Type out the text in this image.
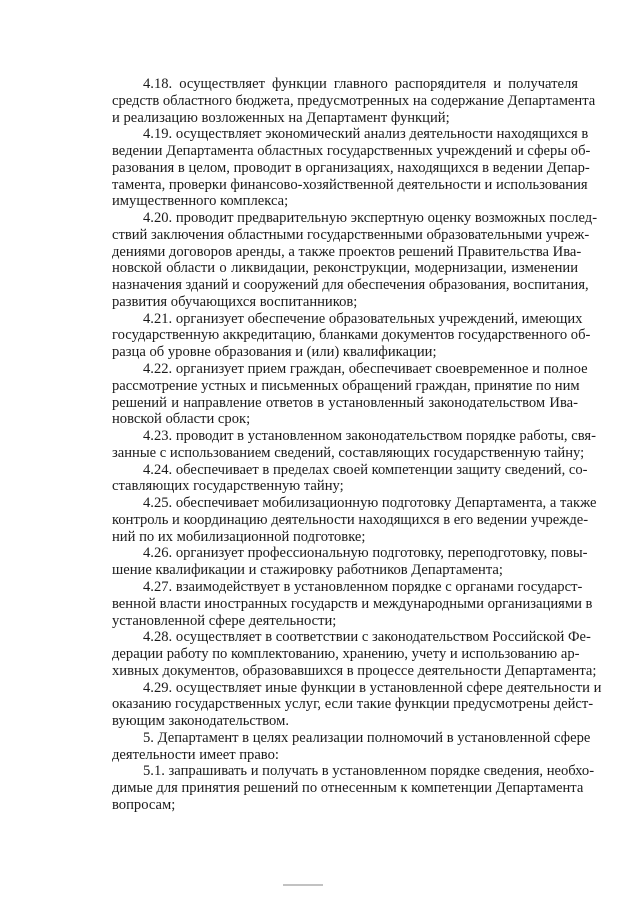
4.18. осуществляет функции главного распорядителя и получателя
средств областного бюджета, предусмотренных на содержание Департамента
и реализацию возложенных на Департамент функций;
4.19. осуществляет экономический анализ деятельности находящихся в
ведении Департамента областных государственных учреждений и сферы об-
разования в целом, проводит в организациях, находящихся в ведении Депар-
тамента, проверки финансово-хозяйственной деятельности и использования
имущественного комплекса;
4.20. проводит предварительную экспертную оценку возможных послед-
ствий заключения областными государственными образовательными учреж-
дениями договоров аренды, а также проектов решений Правительства Ива-
новской области о ликвидации, реконструкции, модернизации, изменении
назначения зданий и сооружений для обеспечения образования, воспитания,
развития обучающихся воспитанников;
4.21. организует обеспечение образовательных учреждений, имеющих
государственную аккредитацию, бланками документов государственного об-
разца об уровне образования и (или) квалификации;
4.22. организует прием граждан, обеспечивает своевременное и полное
рассмотрение устных и письменных обращений граждан, принятие по ним
решений и направление ответов в установленный законодательством Ива-
новской области срок;
4.23. проводит в установленном законодательством порядке работы, свя-
занные с использованием сведений, составляющих государственную тайну;
4.24. обеспечивает в пределах своей компетенции защиту сведений, со-
ставляющих государственную тайну;
4.25. обеспечивает мобилизационную подготовку Департамента, а также
контроль и координацию деятельности находящихся в его ведении учрежде-
ний по их мобилизационной подготовке;
4.26. организует профессиональную подготовку, переподготовку, повы-
шение квалификации и стажировку работников Департамента;
4.27. взаимодействует в установленном порядке с органами государст-
венной власти иностранных государств и международными организациями в
установленной сфере деятельности;
4.28. осуществляет в соответствии с законодательством Российской Фе-
дерации работу по комплектованию, хранению, учету и использованию ар-
хивных документов, образовавшихся в процессе деятельности Департамента;
4.29. осуществляет иные функции в установленной сфере деятельности и
оказанию государственных услуг, если такие функции предусмотрены дейст-
вующим законодательством.
5. Департамент в целях реализации полномочий в установленной сфере
деятельности имеет право:
5.1. запрашивать и получать в установленном порядке сведения, необхо-
димые для принятия решений по отнесенным к компетенции Департамента
вопросам;
